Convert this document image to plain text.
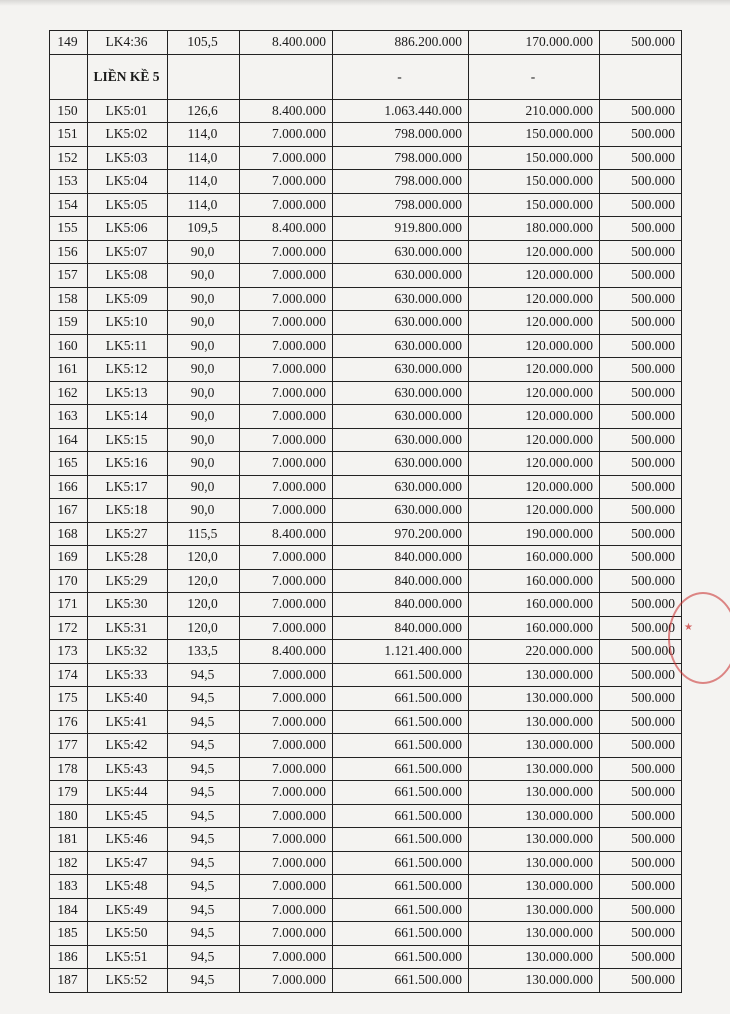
149	LK4:36	105,5	8.400.000	886.200.000	170.000.000	500.000
	LIỀN KỀ 5			-	-	
150	LK5:01	126,6	8.400.000	1.063.440.000	210.000.000	500.000
151	LK5:02	114,0	7.000.000	798.000.000	150.000.000	500.000
152	LK5:03	114,0	7.000.000	798.000.000	150.000.000	500.000
153	LK5:04	114,0	7.000.000	798.000.000	150.000.000	500.000
154	LK5:05	114,0	7.000.000	798.000.000	150.000.000	500.000
155	LK5:06	109,5	8.400.000	919.800.000	180.000.000	500.000
156	LK5:07	90,0	7.000.000	630.000.000	120.000.000	500.000
157	LK5:08	90,0	7.000.000	630.000.000	120.000.000	500.000
158	LK5:09	90,0	7.000.000	630.000.000	120.000.000	500.000
159	LK5:10	90,0	7.000.000	630.000.000	120.000.000	500.000
160	LK5:11	90,0	7.000.000	630.000.000	120.000.000	500.000
161	LK5:12	90,0	7.000.000	630.000.000	120.000.000	500.000
162	LK5:13	90,0	7.000.000	630.000.000	120.000.000	500.000
163	LK5:14	90,0	7.000.000	630.000.000	120.000.000	500.000
164	LK5:15	90,0	7.000.000	630.000.000	120.000.000	500.000
165	LK5:16	90,0	7.000.000	630.000.000	120.000.000	500.000
166	LK5:17	90,0	7.000.000	630.000.000	120.000.000	500.000
167	LK5:18	90,0	7.000.000	630.000.000	120.000.000	500.000
168	LK5:27	115,5	8.400.000	970.200.000	190.000.000	500.000
169	LK5:28	120,0	7.000.000	840.000.000	160.000.000	500.000
170	LK5:29	120,0	7.000.000	840.000.000	160.000.000	500.000
171	LK5:30	120,0	7.000.000	840.000.000	160.000.000	500.000
172	LK5:31	120,0	7.000.000	840.000.000	160.000.000	500.000
173	LK5:32	133,5	8.400.000	1.121.400.000	220.000.000	500.000
174	LK5:33	94,5	7.000.000	661.500.000	130.000.000	500.000
175	LK5:40	94,5	7.000.000	661.500.000	130.000.000	500.000
176	LK5:41	94,5	7.000.000	661.500.000	130.000.000	500.000
177	LK5:42	94,5	7.000.000	661.500.000	130.000.000	500.000
178	LK5:43	94,5	7.000.000	661.500.000	130.000.000	500.000
179	LK5:44	94,5	7.000.000	661.500.000	130.000.000	500.000
180	LK5:45	94,5	7.000.000	661.500.000	130.000.000	500.000
181	LK5:46	94,5	7.000.000	661.500.000	130.000.000	500.000
182	LK5:47	94,5	7.000.000	661.500.000	130.000.000	500.000
183	LK5:48	94,5	7.000.000	661.500.000	130.000.000	500.000
184	LK5:49	94,5	7.000.000	661.500.000	130.000.000	500.000
185	LK5:50	94,5	7.000.000	661.500.000	130.000.000	500.000
186	LK5:51	94,5	7.000.000	661.500.000	130.000.000	500.000
187	LK5:52	94,5	7.000.000	661.500.000	130.000.000	500.000
★
